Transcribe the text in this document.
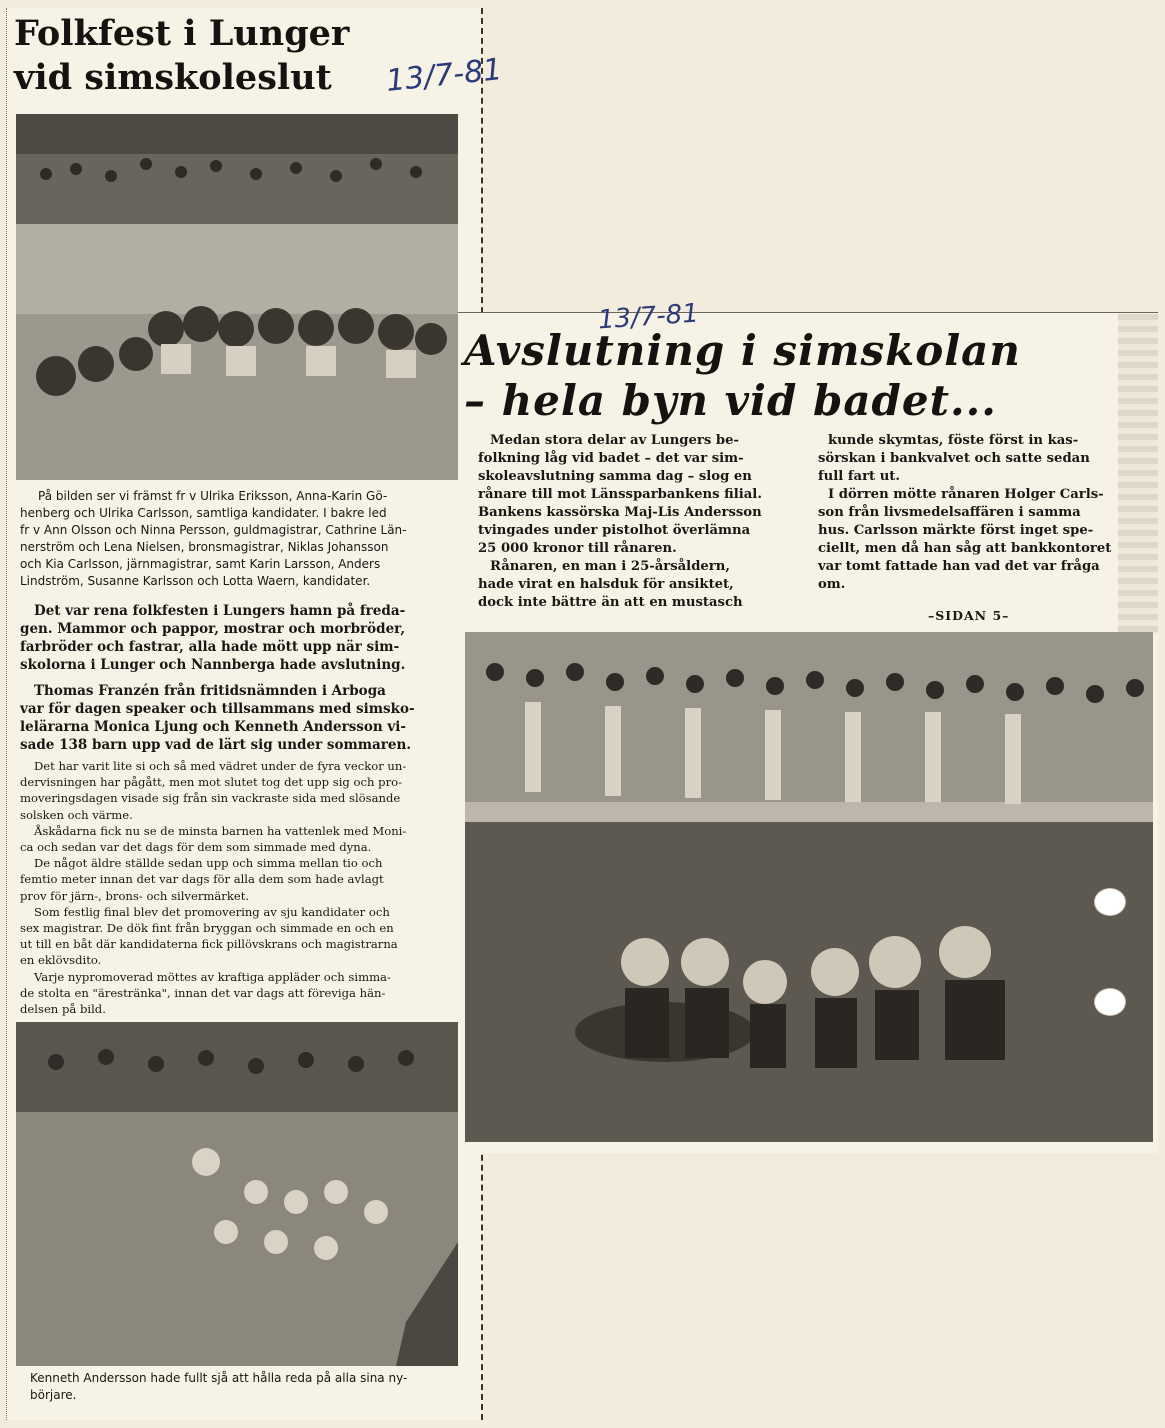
Folkfest i Lunger vid simskoleslut	13/7-81

På bilden ser vi främst fr v Ulrika Eriksson, Anna-Karin Gö-
henberg och Ulrika Carlsson, samtliga kandidater. I bakre led
fr v Ann Olsson och Ninna Persson, guldmagistrar, Cathrine Län-
nerström och Lena Nielsen, bronsmagistrar, Niklas Johansson
och Kia Carlsson, järnmagistrar, samt Karin Larsson, Anders
Lindström, Susanne Karlsson och Lotta Waern, kandidater.

Det var rena folkfesten i Lungers hamn på freda-
gen. Mammor och pappor, mostrar och morbröder,
farbröder och fastrar, alla hade mött upp när sim-
skolorna i Lunger och Nannberga hade avslutning.

Thomas Franzén från fritidsnämnden i Arboga
var för dagen speaker och tillsammans med simsko-
lelärarna Monica Ljung och Kenneth Andersson vi-
sade 138 barn upp vad de lärt sig under sommaren.

Det har varit lite si och så med vädret under de fyra veckor un-
dervisningen har pågått, men mot slutet tog det upp sig och pro-
moveringsdagen visade sig från sin vackraste sida med slösande
solsken och värme.

Åskådarna fick nu se de minsta barnen ha vattenlek med Moni-
ca och sedan var det dags för dem som simmade med dyna.

De något äldre ställde sedan upp och simma mellan tio och
femtio meter innan det var dags för alla dem som hade avlagt
prov för järn-, brons- och silvermärket.

Som festlig final blev det promovering av sju kandidater och
sex magistrar. De dök fint från bryggan och simmade en och en
ut till en båt där kandidaterna fick pillövskrans och magistrarna
en eklövsdito.

Varje nypromoverad möttes av kraftiga appläder och simma-
de stolta en "ärestränka", innan det var dags att föreviga hän-
delsen på bild.

Kenneth Andersson hade fullt sjå att hålla reda på alla sina ny-
börjare.

13/7-81
Avslutning i simskolan
– hela byn vid badet...

Medan stora delar av Lungers be-
folkning låg vid badet – det var sim-
skoleavslutning samma dag – slog en
rånare till mot Länssparbankens filial.
Bankens kassörska Maj-Lis Andersson
tvingades under pistolhot överlämna
25 000 kronor till rånaren.

Rånaren, en man i 25-årsåldern,
hade virat en halsduk för ansiktet,
dock inte bättre än att en mustasch

kunde skymtas, föste först in kas-
sörskan i bankvalvet och satte sedan
full fart ut.

I dörren mötte rånaren Holger Carls-
son från livsmedelsaffären i samma
hus. Carlsson märkte först inget spe-
ciellt, men då han såg att bankkontoret
var tomt fattade han vad det var fråga
om.

–SIDAN 5–
